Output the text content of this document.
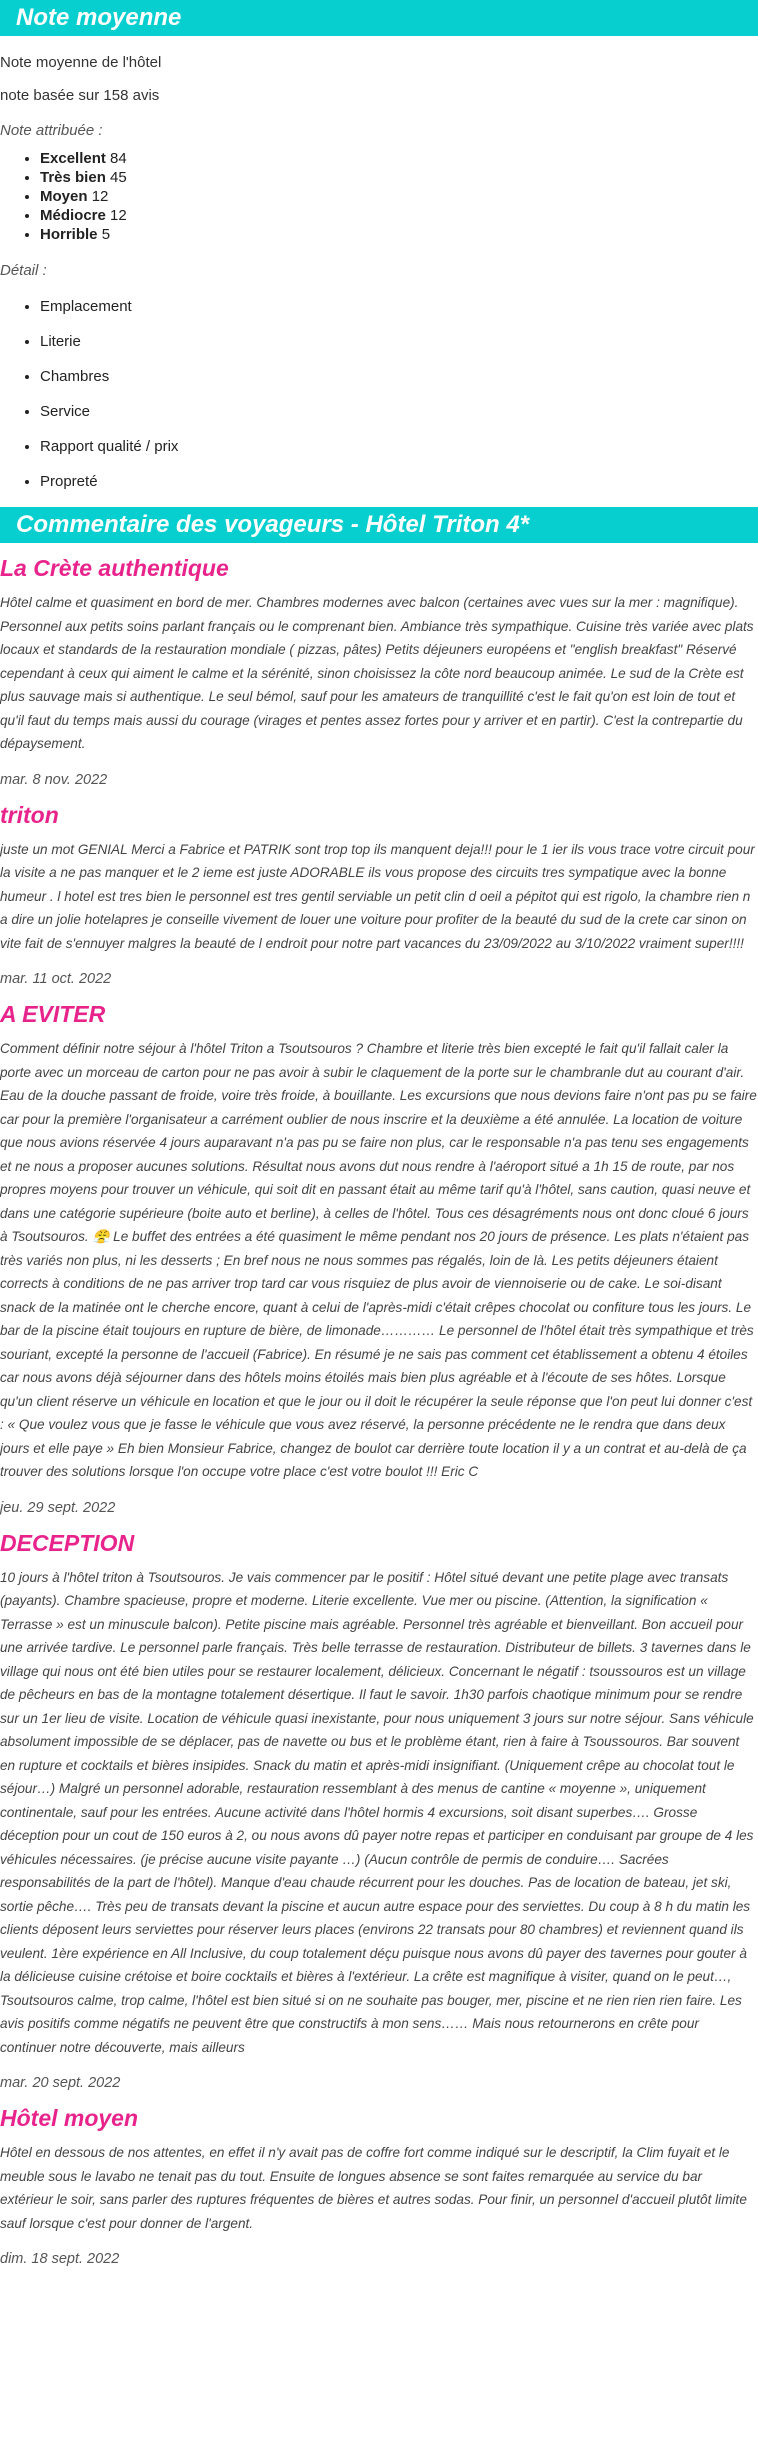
Note moyenne

Note moyenne de l'hôtel

note basée sur 158 avis

Note attribuée :

• Excellent 84
• Très bien 45
• Moyen 12
• Médiocre 12
• Horrible 5

Détail :

• Emplacement
• Literie
• Chambres
• Service
• Rapport qualité / prix
• Propreté
Commentaire des voyageurs - Hôtel Triton 4*
La Crète authentique

Hôtel calme et quasiment en bord de mer. Chambres modernes avec balcon (certaines avec vues sur la mer : magnifique). Personnel aux petits soins parlant français ou le comprenant bien. Ambiance très sympathique. Cuisine très variée avec plats locaux et standards de la restauration mondiale ( pizzas, pâtes) Petits déjeuners européens et "english breakfast" Réservé cependant à ceux qui aiment le calme et la sérénité, sinon choisissez la côte nord beaucoup animée. Le sud de la Crète est plus sauvage mais si authentique. Le seul bémol, sauf pour les amateurs de tranquillité c'est le fait qu'on est loin de tout et qu'il faut du temps mais aussi du courage (virages et pentes assez fortes pour y arriver et en partir). C'est la contrepartie du dépaysement.

mar. 8 nov. 2022

triton

juste un mot GENIAL Merci a Fabrice et PATRIK sont trop top ils manquent deja!!! pour le 1 ier ils vous trace votre circuit pour la visite a ne pas manquer et le 2 ieme est juste ADORABLE ils vous propose des circuits tres sympatique avec la bonne humeur . l hotel est tres bien le personnel est tres gentil serviable un petit clin d oeil a pépitot qui est rigolo, la chambre rien n a dire un jolie hotelapres je conseille vivement de louer une voiture pour profiter de la beauté du sud de la crete car sinon on vite fait de s'ennuyer malgres la beauté de l endroit pour notre part vacances du 23/09/2022 au 3/10/2022 vraiment super!!!!

mar. 11 oct. 2022

A EVITER

Comment définir notre séjour à l'hôtel Triton a Tsoutsouros ? Chambre et literie très bien excepté le fait qu'il fallait caler la porte avec un morceau de carton pour ne pas avoir à subir le claquement de la porte sur le chambranle dut au courant d'air. Eau de la douche passant de froide, voire très froide, à bouillante. Les excursions que nous devions faire n'ont pas pu se faire car pour la première l'organisateur a carrément oublier de nous inscrire et la deuxième a été annulée. La location de voiture que nous avions réservée 4 jours auparavant n'a pas pu se faire non plus, car le responsable n'a pas tenu ses engagements et ne nous a proposer aucunes solutions. Résultat nous avons dut nous rendre à l'aéroport situé a 1h 15 de route, par nos propres moyens pour trouver un véhicule, qui soit dit en passant était au même tarif qu'à l'hôtel, sans caution, quasi neuve et dans une catégorie supérieure (boite auto et berline), à celles de l'hôtel. Tous ces désagréments nous ont donc cloué 6 jours à Tsoutsouros. 😤 Le buffet des entrées a été quasiment le même pendant nos 20 jours de présence. Les plats n'étaient pas très variés non plus, ni les desserts ; En bref nous ne nous sommes pas régalés, loin de là. Les petits déjeuners étaient corrects à conditions de ne pas arriver trop tard car vous risquiez de plus avoir de viennoiserie ou de cake. Le soi-disant snack de la matinée ont le cherche encore, quant à celui de l'après-midi c'était crêpes chocolat ou confiture tous les jours. Le bar de la piscine était toujours en rupture de bière, de limonade………… Le personnel de l'hôtel était très sympathique et très souriant, excepté la personne de l'accueil (Fabrice). En résumé je ne sais pas comment cet établissement a obtenu 4 étoiles car nous avons déjà séjourner dans des hôtels moins étoilés mais bien plus agréable et à l'écoute de ses hôtes. Lorsque qu'un client réserve un véhicule en location et que le jour ou il doit le récupérer la seule réponse que l'on peut lui donner c'est : « Que voulez vous que je fasse le véhicule que vous avez réservé, la personne précédente ne le rendra que dans deux jours et elle paye » Eh bien Monsieur Fabrice, changez de boulot car derrière toute location il y a un contrat et au-delà de ça trouver des solutions lorsque l'on occupe votre place c'est votre boulot !!! Eric C

jeu. 29 sept. 2022

DECEPTION

10 jours à l'hôtel triton à Tsoutsouros. Je vais commencer par le positif : Hôtel situé devant une petite plage avec transats (payants). Chambre spacieuse, propre et moderne. Literie excellente. Vue mer ou piscine. (Attention, la signification « Terrasse » est un minuscule balcon). Petite piscine mais agréable. Personnel très agréable et bienveillant. Bon accueil pour une arrivée tardive. Le personnel parle français. Très belle terrasse de restauration. Distributeur de billets. 3 tavernes dans le village qui nous ont été bien utiles pour se restaurer localement, délicieux. Concernant le négatif : tsoussouros est un village de pêcheurs en bas de la montagne totalement désertique. Il faut le savoir. 1h30 parfois chaotique minimum pour se rendre sur un 1er lieu de visite. Location de véhicule quasi inexistante, pour nous uniquement 3 jours sur notre séjour. Sans véhicule absolument impossible de se déplacer, pas de navette ou bus et le problème étant, rien à faire à Tsoussouros. Bar souvent en rupture et cocktails et bières insipides. Snack du matin et après-midi insignifiant. (Uniquement crêpe au chocolat tout le séjour…) Malgré un personnel adorable, restauration ressemblant à des menus de cantine « moyenne », uniquement continentale, sauf pour les entrées. Aucune activité dans l'hôtel hormis 4 excursions, soit disant superbes…. Grosse déception pour un cout de 150 euros à 2, ou nous avons dû payer notre repas et participer en conduisant par groupe de 4 les véhicules nécessaires. (je précise aucune visite payante …) (Aucun contrôle de permis de conduire…. Sacrées responsabilités de la part de l'hôtel). Manque d'eau chaude récurrent pour les douches. Pas de location de bateau, jet ski, sortie pêche…. Très peu de transats devant la piscine et aucun autre espace pour des serviettes. Du coup à 8 h du matin les clients déposent leurs serviettes pour réserver leurs places (environs 22 transats pour 80 chambres) et reviennent quand ils veulent. 1ère expérience en All Inclusive, du coup totalement déçu puisque nous avons dû payer des tavernes pour gouter à la délicieuse cuisine crétoise et boire cocktails et bières à l'extérieur. La crête est magnifique à visiter, quand on le peut…, Tsoutsouros calme, trop calme, l'hôtel est bien situé si on ne souhaite pas bouger, mer, piscine et ne rien rien rien faire. Les avis positifs comme négatifs ne peuvent être que constructifs à mon sens…… Mais nous retournerons en crête pour continuer notre découverte, mais ailleurs

mar. 20 sept. 2022

Hôtel moyen

Hôtel en dessous de nos attentes, en effet il n'y avait pas de coffre fort comme indiqué sur le descriptif, la Clim fuyait et le meuble sous le lavabo ne tenait pas du tout. Ensuite de longues absence se sont faites remarquée au service du bar extérieur le soir, sans parler des ruptures fréquentes de bières et autres sodas. Pour finir, un personnel d'accueil plutôt limite sauf lorsque c'est pour donner de l'argent.

dim. 18 sept. 2022
